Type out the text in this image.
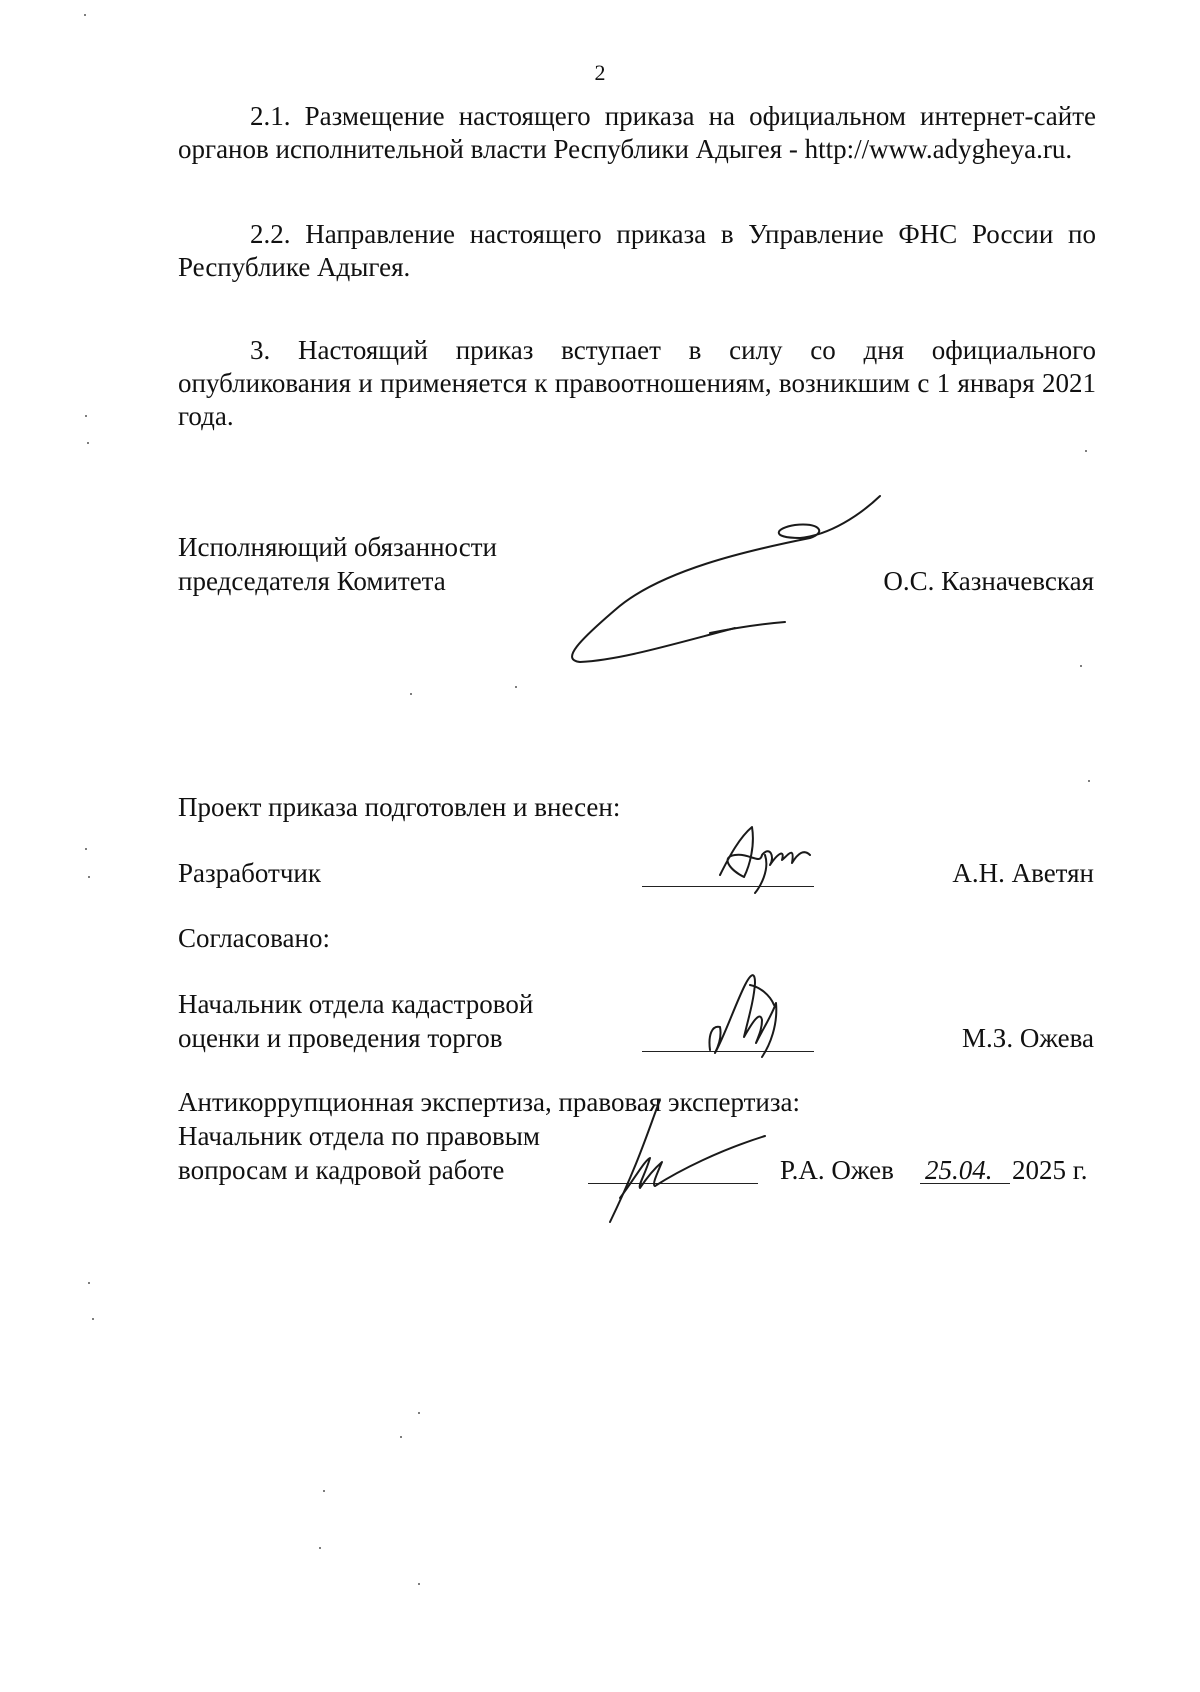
2

2.1. Размещение настоящего приказа на официальном интернет-сайте органов исполнительной власти Республики Адыгея - http://www.adygheya.ru.

2.2. Направление настоящего приказа в Управление ФНС России по Республике Адыгея.

3. Настоящий приказ вступает в силу со дня официального опубликования и применяется к правоотношениям, возникшим с 1 января 2021 года.

Исполняющий обязанности
председателя Комитета	О.С. Казначевская
Проект приказа подготовлен и внесен:
Разработчик	А.Н. Аветян
Согласовано:
Начальник отдела кадастровой
оценки и проведения торгов	М.З. Ожева
Антикоррупционная экспертиза, правовая экспертиза:
Начальник отдела по правовым
вопросам и кадровой работе	Р.А. Ожев 25.04. 2025 г.
